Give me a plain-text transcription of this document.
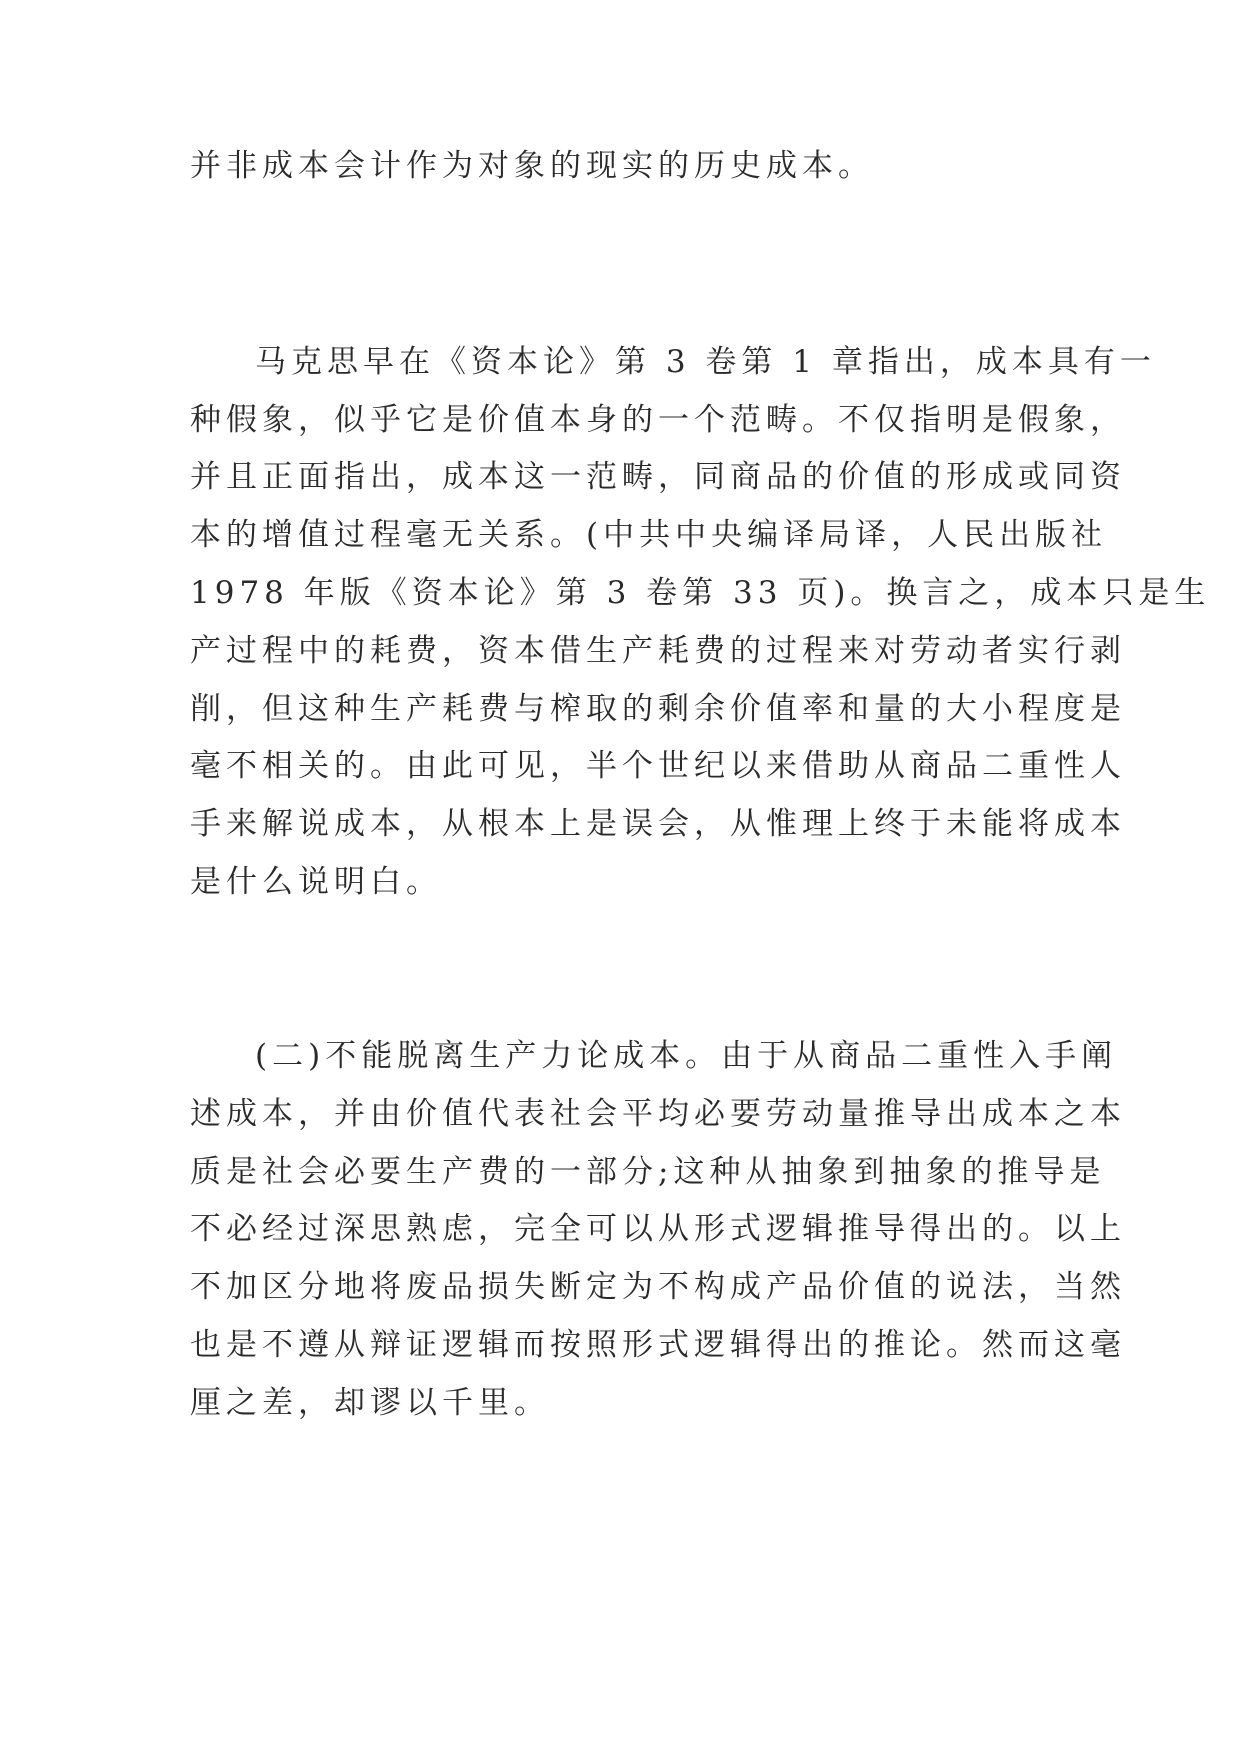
并非成本会计作为对象的现实的历史成本。
马克思早在《资本论》第 3 卷第 1 章指出，成本具有一
种假象，似乎它是价值本身的一个范畴。不仅指明是假象，
并且正面指出，成本这一范畴，同商品的价值的形成或同资
本的增值过程毫无关系。(中共中央编译局译，人民出版社
1978 年版《资本论》第 3 卷第 33 页)。换言之，成本只是生
产过程中的耗费，资本借生产耗费的过程来对劳动者实行剥
削，但这种生产耗费与榨取的剩余价值率和量的大小程度是
毫不相关的。由此可见，半个世纪以来借助从商品二重性人
手来解说成本，从根本上是误会，从惟理上终于未能将成本
是什么说明白。
(二)不能脱离生产力论成本。由于从商品二重性入手阐
述成本，并由价值代表社会平均必要劳动量推导出成本之本
质是社会必要生产费的一部分;这种从抽象到抽象的推导是
不必经过深思熟虑，完全可以从形式逻辑推导得出的。以上
不加区分地将废品损失断定为不构成产品价值的说法，当然
也是不遵从辩证逻辑而按照形式逻辑得出的推论。然而这毫
厘之差，却谬以千里。
